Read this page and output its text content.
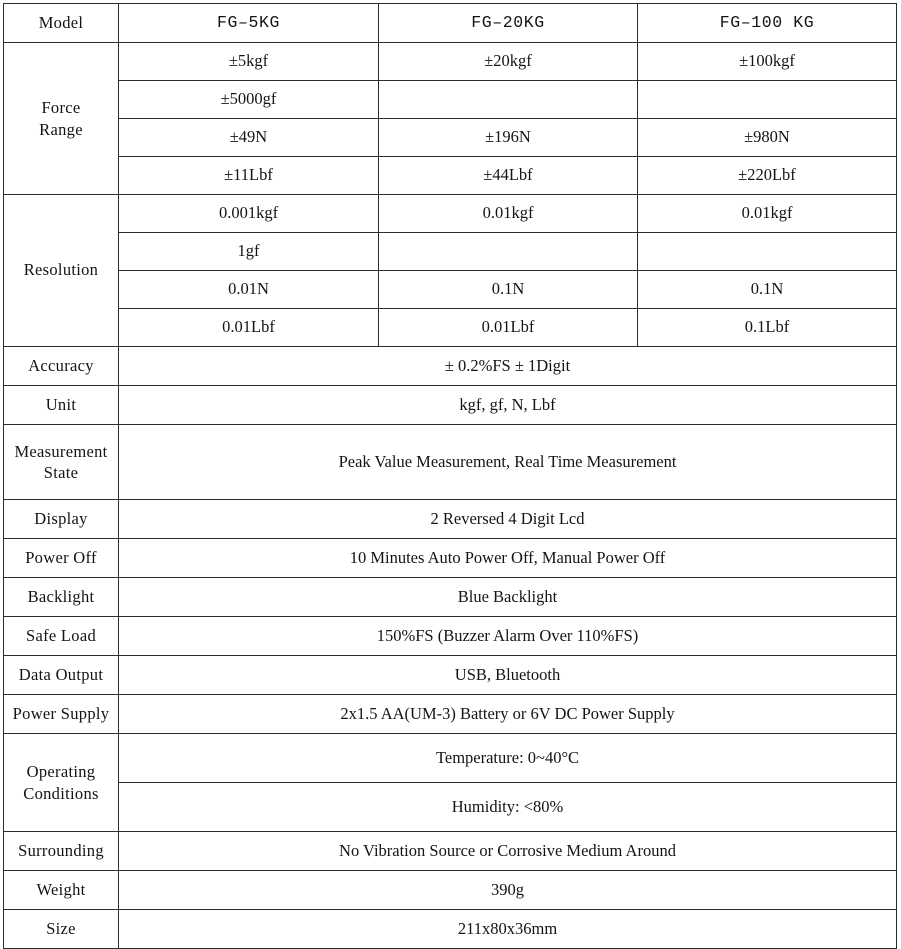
Model	FG‒5KG	FG‒20KG	FG‒100 KG

Force
Range	±5kgf	±20kgf	±100kgf
	±5000gf		
	±49N	±196N	±980N
	±11Lbf	±44Lbf	±220Lbf
Resolution	0.001kgf	0.01kgf	0.01kgf
	1gf		
	0.01N	0.1N	0.1N
	0.01Lbf	0.01Lbf	0.1Lbf
Accuracy	± 0.2%FS ± 1Digit		
Unit	kgf, gf, N, Lbf		

Measurement
State	Peak Value Measurement, Real Time Measurement		
Display	2 Reversed 4 Digit Lcd		
Power Off	10 Minutes Auto Power Off, Manual Power Off		
Backlight	Blue Backlight		
Safe Load	150%FS (Buzzer Alarm Over 110%FS)		
Data Output	USB, Bluetooth		
Power Supply	2x1.5 AA(UM-3) Battery or 6V DC Power Supply		

Operating
Conditions	Temperature: 0~40°C		
	Humidity: <80%		
Surrounding	No Vibration Source or Corrosive Medium Around		
Weight	390g		
Size	211x80x36mm		
